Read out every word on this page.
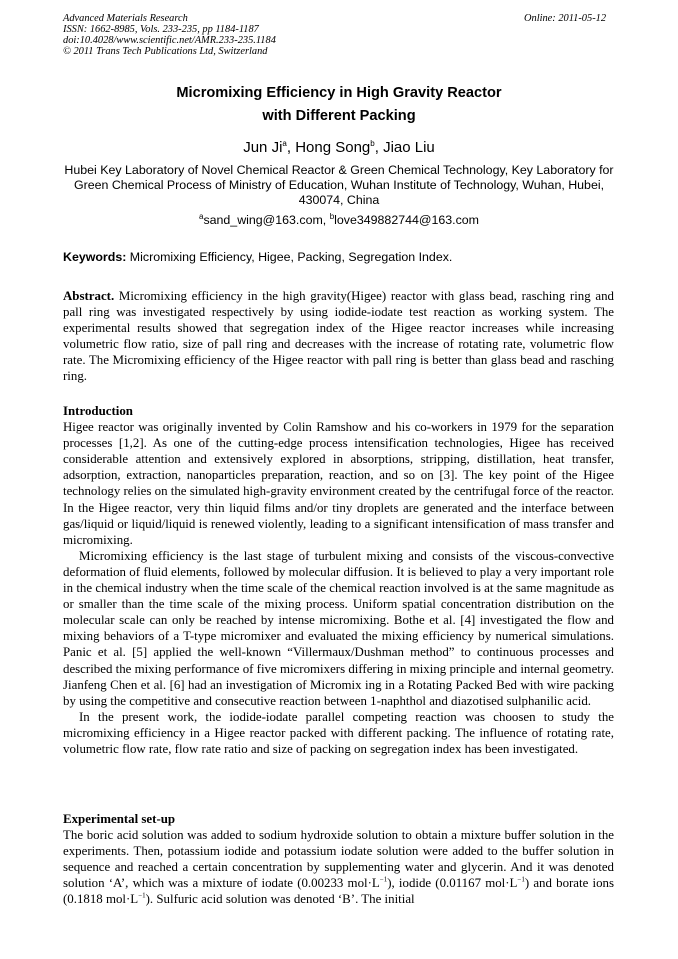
Advanced Materials Research
ISSN: 1662-8985, Vols. 233-235, pp 1184-1187
doi:10.4028/www.scientific.net/AMR.233-235.1184
© 2011 Trans Tech Publications Ltd, Switzerland
Online: 2011-05-12
Micromixing Efficiency in High Gravity Reactor
with Different Packing
Jun Ji$^a$, Hong Song$^b$, Jiao Liu
Hubei Key Laboratory of Novel Chemical Reactor & Green Chemical Technology, Key Laboratory for Green Chemical Process of Ministry of Education, Wuhan Institute of Technology, Wuhan, Hubei, 430074, China
$^a$sand_wing@163.com, $^b$love349882744@163.com
Keywords: Micromixing Efficiency, Higee, Packing, Segregation Index.

Abstract. Micromixing efficiency in the high gravity(Higee) reactor with glass bead, rasching ring and pall ring was investigated respectively by using iodide-iodate test reaction as working system. The experimental results showed that segregation index of the Higee reactor increases while increasing volumetric flow ratio, size of pall ring and decreases with the increase of rotating rate, volumetric flow rate. The Micromixing efficiency of the Higee reactor with pall ring is better than glass bead and rasching ring.

Introduction

Higee reactor was originally invented by Colin Ramshow and his co-workers in 1979 for the separation processes [1,2]. As one of the cutting-edge process intensification technologies, Higee has received considerable attention and extensively explored in absorptions, stripping, distillation, heat transfer, adsorption, extraction, nanoparticles preparation, reaction, and so on [3]. The key point of the Higee technology relies on the simulated high-gravity environment created by the centrifugal force of the reactor. In the Higee reactor, very thin liquid films and/or tiny droplets are generated and the interface between gas/liquid or liquid/liquid is renewed violently, leading to a significant intensification of mass transfer and micromixing.

Micromixing efficiency is the last stage of turbulent mixing and consists of the viscous-convective deformation of fluid elements, followed by molecular diffusion. It is believed to play a very important role in the chemical industry when the time scale of the chemical reaction involved is at the same magnitude as or smaller than the time scale of the mixing process. Uniform spatial concentration distribution on the molecular scale can only be reached by intense micromixing. Bothe et al. [4] investigated the flow and mixing behaviors of a T-type micromixer and evaluated the mixing efficiency by numerical simulations. Panic et al. [5] applied the well-known “Villermaux/Dushman method” to continuous processes and described the mixing performance of five micromixers differing in mixing principle and internal geometry. Jianfeng Chen et al. [6] had an investigation of Micromix ing in a Rotating Packed Bed with wire packing by using the competitive and consecutive reaction between 1-naphthol and diazotised sulphanilic acid.

In the present work, the iodide-iodate parallel competing reaction was choosen to study the micromixing efficiency in a Higee reactor packed with different packing. The influence of rotating rate, volumetric flow rate, flow rate ratio and size of packing on segregation index has been investigated.

Experimental set-up

The boric acid solution was added to sodium hydroxide solution to obtain a mixture buffer solution in the experiments. Then, potassium iodide and potassium iodate solution were added to the buffer solution in sequence and reached a certain concentration by supplementing water and glycerin. And it was denoted solution ‘A’, which was a mixture of iodate (0.00233 $mol\cdot L^{-1}$), iodide (0.01167 $mol\cdot L^{-1}$) and borate ions (0.1818 $mol\cdot L^{-1}$). Sulfuric acid solution was denoted ‘B’. The initial
